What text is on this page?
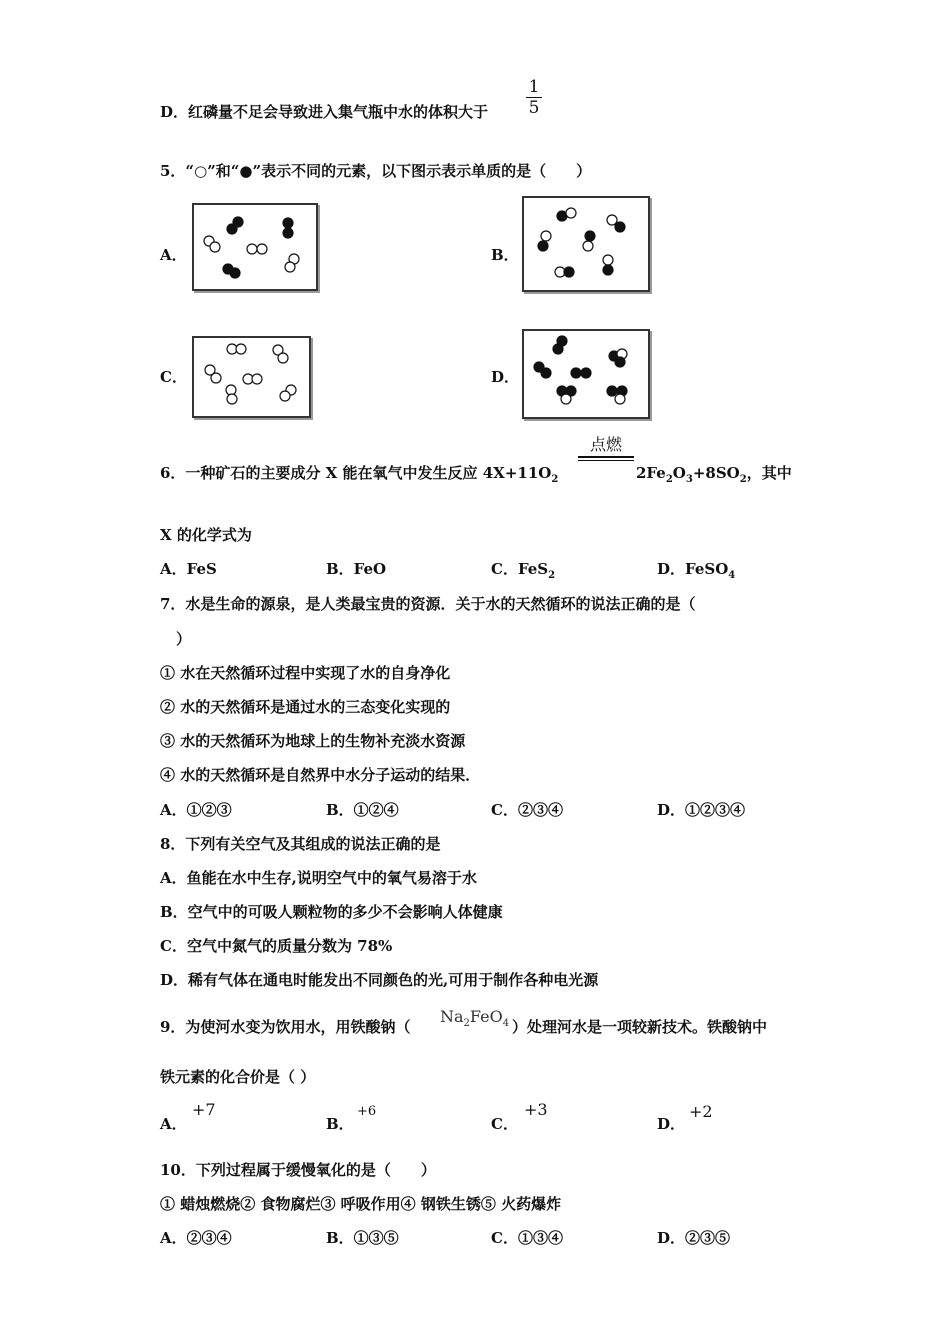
D．红磷量不足会导致进入集气瓶中水的体积大于
1
5
5．“○”和“●”表示不同的元素，以下图示表示单质的是（　　）
A．	B．
C．	D．
点燃
6．一种矿石的主要成分 X 能在氧气中发生反应 $4X+11O_2$	$2Fe_2O_3+8SO_2$，其中
X 的化学式为
A．FeS	B．FeO	C．FeS$_2$	D．FeSO$_4$
7．水是生命的源泉，是人类最宝贵的资源．关于水的天然循环的说法正确的是（
）
① 水在天然循环过程中实现了水的自身净化
② 水的天然循环是通过水的三态变化实现的
③ 水的天然循环为地球上的生物补充淡水资源
④ 水的天然循环是自然界中水分子运动的结果．
A．①②③	B．①②④	C．②③④	D．①②③④
8．下列有关空气及其组成的说法正确的是
A．鱼能在水中生存,说明空气中的氧气易溶于水
B．空气中的可吸人颗粒物的多少不会影响人体健康
C．空气中氮气的质量分数为 78%
D．稀有气体在通电时能发出不同颜色的光,可用于制作各种电光源
9．为使河水变为饮用水，用铁酸钠（
$Na_2FeO_4$ ）处理河水是一项较新技术。铁酸钠中
铁元素的化合价是（ ）
A．
+7
B．
+6
C．
+3
D．
+2
10．下列过程属于缓慢氧化的是（　　）
① 蜡烛燃烧② 食物腐烂③ 呼吸作用④ 钢铁生锈⑤ 火药爆炸
A．②③④	B．①③⑤	C．①③④	D．②③⑤
